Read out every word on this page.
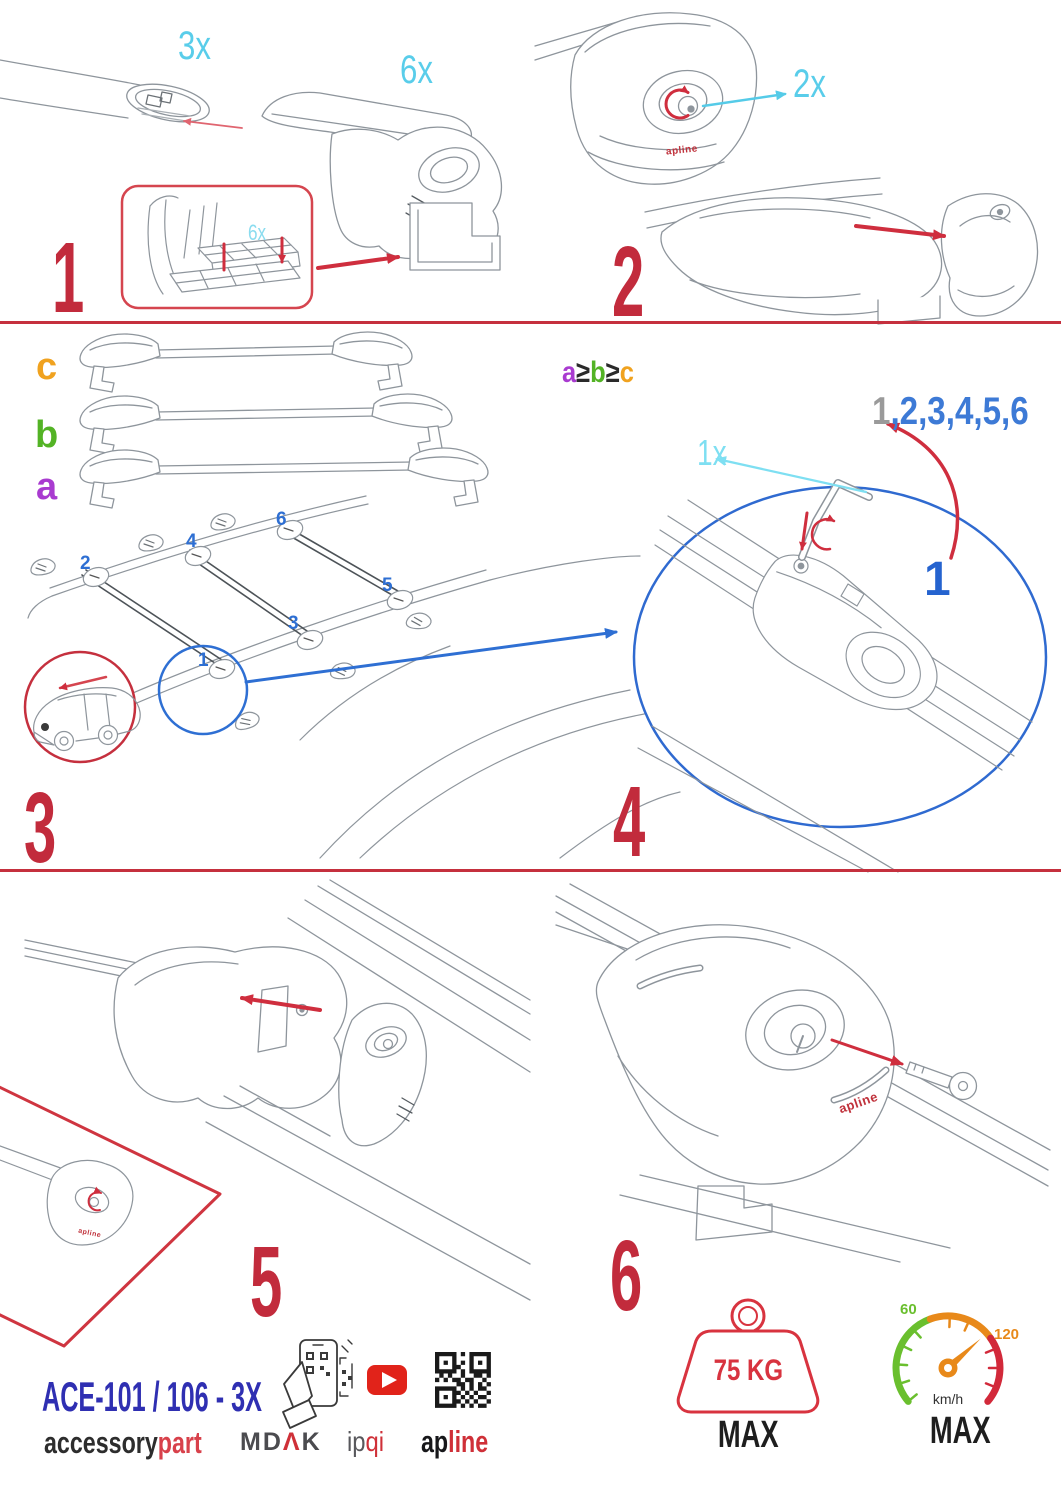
3x
6x
6x
1
2x
apline
2
c
b
a
a≥b≥c
1
2
3
4
5
6
3
1,2,3,4,5,6
1x
1
4
5
apline	6
apline
ACE-101 / 106 - 3X
accessorypart	MDΛK ipqi apline
75 KG
MAX
60
120
km/h
MAX
